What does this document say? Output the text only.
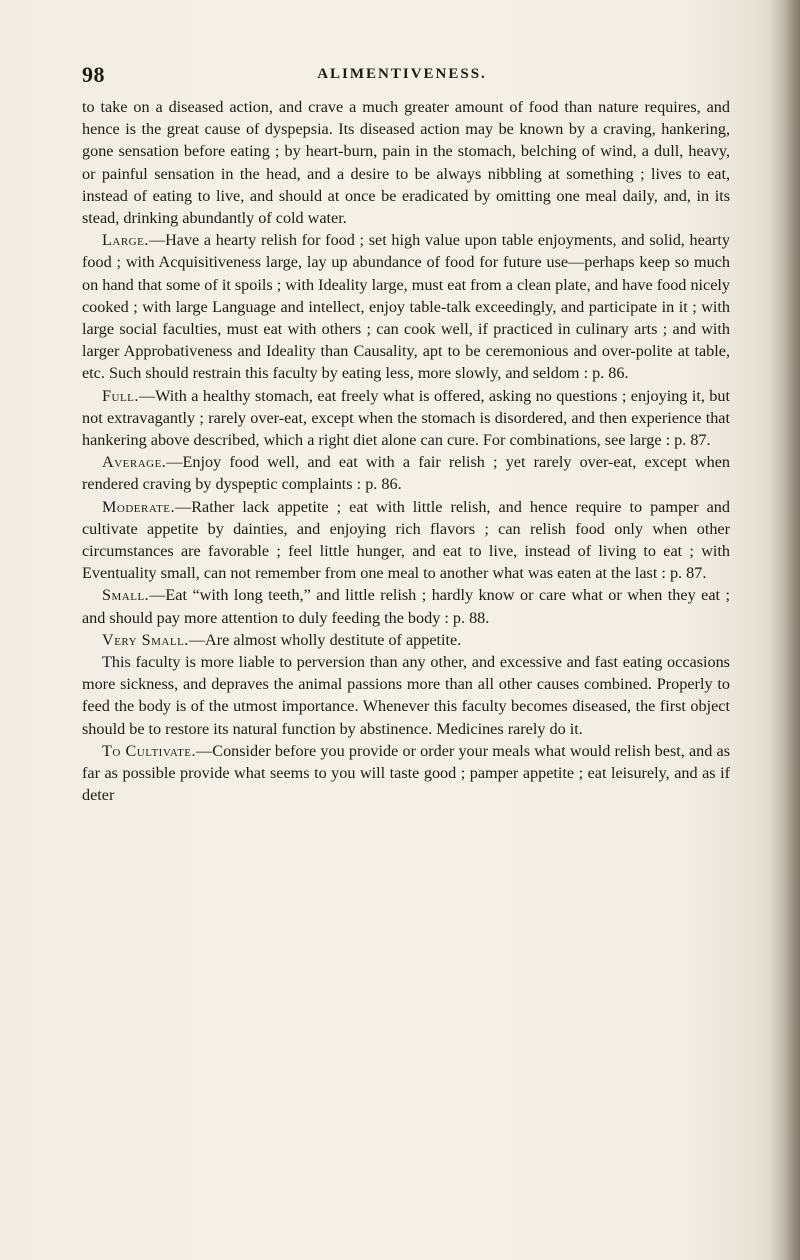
98	ALIMENTIVENESS.

to take on a diseased action, and crave a much greater amount of food than nature requires, and hence is the great cause of dyspepsia. Its diseased action may be known by a craving, hankering, gone sensation before eating ; by heart-burn, pain in the stomach, belching of wind, a dull, heavy, or painful sensation in the head, and a desire to be always nibbling at something ; lives to eat, instead of eating to live, and should at once be eradicated by omitting one meal daily, and, in its stead, drinking abundantly of cold water.

Large.—Have a hearty relish for food ; set high value upon table enjoyments, and solid, hearty food ; with Acquisitiveness large, lay up abundance of food for future use—perhaps keep so much on hand that some of it spoils ; with Ideality large, must eat from a clean plate, and have food nicely cooked ; with large Language and intellect, enjoy table-talk exceedingly, and participate in it ; with large social faculties, must eat with others ; can cook well, if practiced in culinary arts ; and with larger Approbativeness and Ideality than Causality, apt to be ceremonious and over-polite at table, etc. Such should restrain this faculty by eating less, more slowly, and seldom : p. 86.

Full.—With a healthy stomach, eat freely what is offered, asking no questions ; enjoying it, but not extravagantly ; rarely over-eat, except when the stomach is disordered, and then experience that hankering above described, which a right diet alone can cure. For combinations, see large : p. 87.

Average.—Enjoy food well, and eat with a fair relish ; yet rarely over-eat, except when rendered craving by dyspeptic complaints : p. 86.

Moderate.—Rather lack appetite ; eat with little relish, and hence require to pamper and cultivate appetite by dainties, and enjoying rich flavors ; can relish food only when other circumstances are favorable ; feel little hunger, and eat to live, instead of living to eat ; with Eventuality small, can not remember from one meal to another what was eaten at the last : p. 87.

Small.—Eat “with long teeth,” and little relish ; hardly know or care what or when they eat ; and should pay more attention to duly feeding the body : p. 88.

Very Small.—Are almost wholly destitute of appetite.

This faculty is more liable to perversion than any other, and excessive and fast eating occasions more sickness, and depraves the animal passions more than all other causes combined. Properly to feed the body is of the utmost importance. Whenever this faculty becomes diseased, the first object should be to restore its natural function by abstinence. Medicines rarely do it.

To Cultivate.—Consider before you provide or order your meals what would relish best, and as far as possible provide what seems to you will taste good ; pamper appetite ; eat leisurely, and as if deter
